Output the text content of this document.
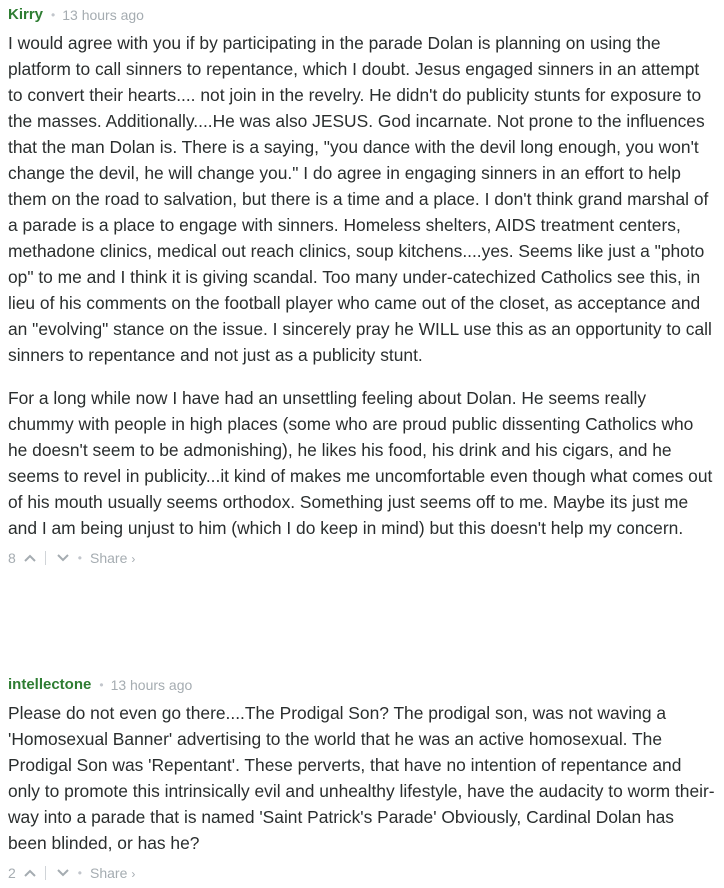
Kirry • 13 hours ago

I would agree with you if by participating in the parade Dolan is planning on using the platform to call sinners to repentance, which I doubt. Jesus engaged sinners in an attempt to convert their hearts.... not join in the revelry. He didn't do publicity stunts for exposure to the masses. Additionally....He was also JESUS. God incarnate. Not prone to the influences that the man Dolan is. There is a saying, "you dance with the devil long enough, you won't change the devil, he will change you." I do agree in engaging sinners in an effort to help them on the road to salvation, but there is a time and a place. I don't think grand marshal of a parade is a place to engage with sinners. Homeless shelters, AIDS treatment centers, methadone clinics, medical out reach clinics, soup kitchens....yes. Seems like just a "photo op" to me and I think it is giving scandal. Too many under-catechized Catholics see this, in lieu of his comments on the football player who came out of the closet, as acceptance and an "evolving" stance on the issue. I sincerely pray he WILL use this as an opportunity to call sinners to repentance and not just as a publicity stunt.

For a long while now I have had an unsettling feeling about Dolan. He seems really chummy with people in high places (some who are proud public dissenting Catholics who he doesn't seem to be admonishing), he likes his food, his drink and his cigars, and he seems to revel in publicity...it kind of makes me uncomfortable even though what comes out of his mouth usually seems orthodox. Something just seems off to me. Maybe its just me and I am being unjust to him (which I do keep in mind) but this doesn't help my concern.

8	• Share ›
intellectone • 13 hours ago

Please do not even go there....The Prodigal Son? The prodigal son, was not waving a 'Homosexual Banner' advertising to the world that he was an active homosexual. The Prodigal Son was 'Repentant'. These perverts, that have no intention of repentance and only to promote this intrinsically evil and unhealthy lifestyle, have the audacity to worm their-way into a parade that is named 'Saint Patrick's Parade' Obviously, Cardinal Dolan has been blinded, or has he?

2	• Share ›
